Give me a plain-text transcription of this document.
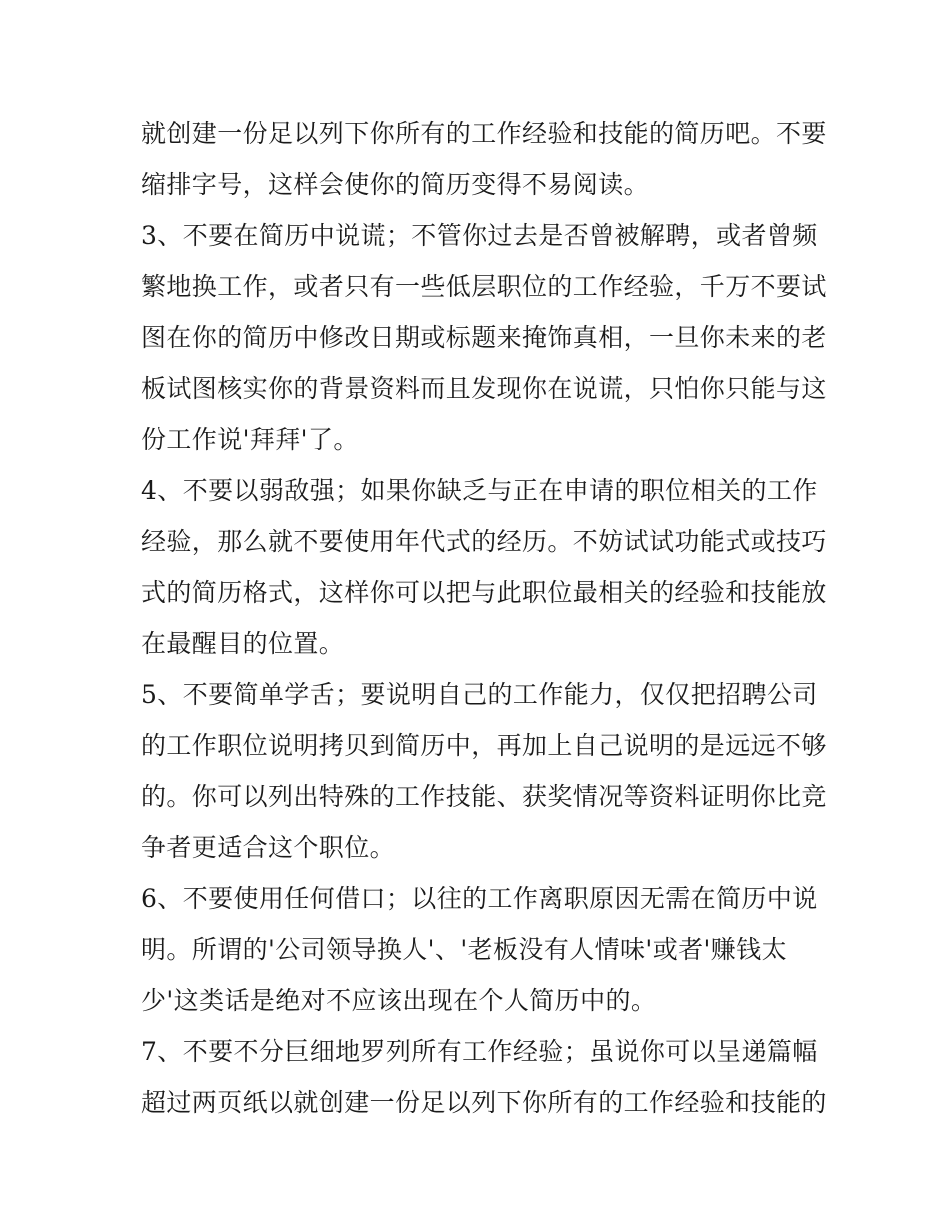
就创建一份足以列下你所有的工作经验和技能的简历吧。不要
缩排字号，这样会使你的简历变得不易阅读。
3、不要在简历中说谎；不管你过去是否曾被解聘，或者曾频
繁地换工作，或者只有一些低层职位的工作经验，千万不要试
图在你的简历中修改日期或标题来掩饰真相，一旦你未来的老
板试图核实你的背景资料而且发现你在说谎，只怕你只能与这
份工作说'拜拜'了。
4、不要以弱敌强；如果你缺乏与正在申请的职位相关的工作
经验，那么就不要使用年代式的经历。不妨试试功能式或技巧
式的简历格式，这样你可以把与此职位最相关的经验和技能放
在最醒目的位置。
5、不要简单学舌；要说明自己的工作能力，仅仅把招聘公司
的工作职位说明拷贝到简历中，再加上自己说明的是远远不够
的。你可以列出特殊的工作技能、获奖情况等资料证明你比竞
争者更适合这个职位。
6、不要使用任何借口；以往的工作离职原因无需在简历中说
明。所谓的'公司领导换人'、'老板没有人情味'或者'赚钱太
少'这类话是绝对不应该出现在个人简历中的。
7、不要不分巨细地罗列所有工作经验；虽说你可以呈递篇幅
超过两页纸以就创建一份足以列下你所有的工作经验和技能的
